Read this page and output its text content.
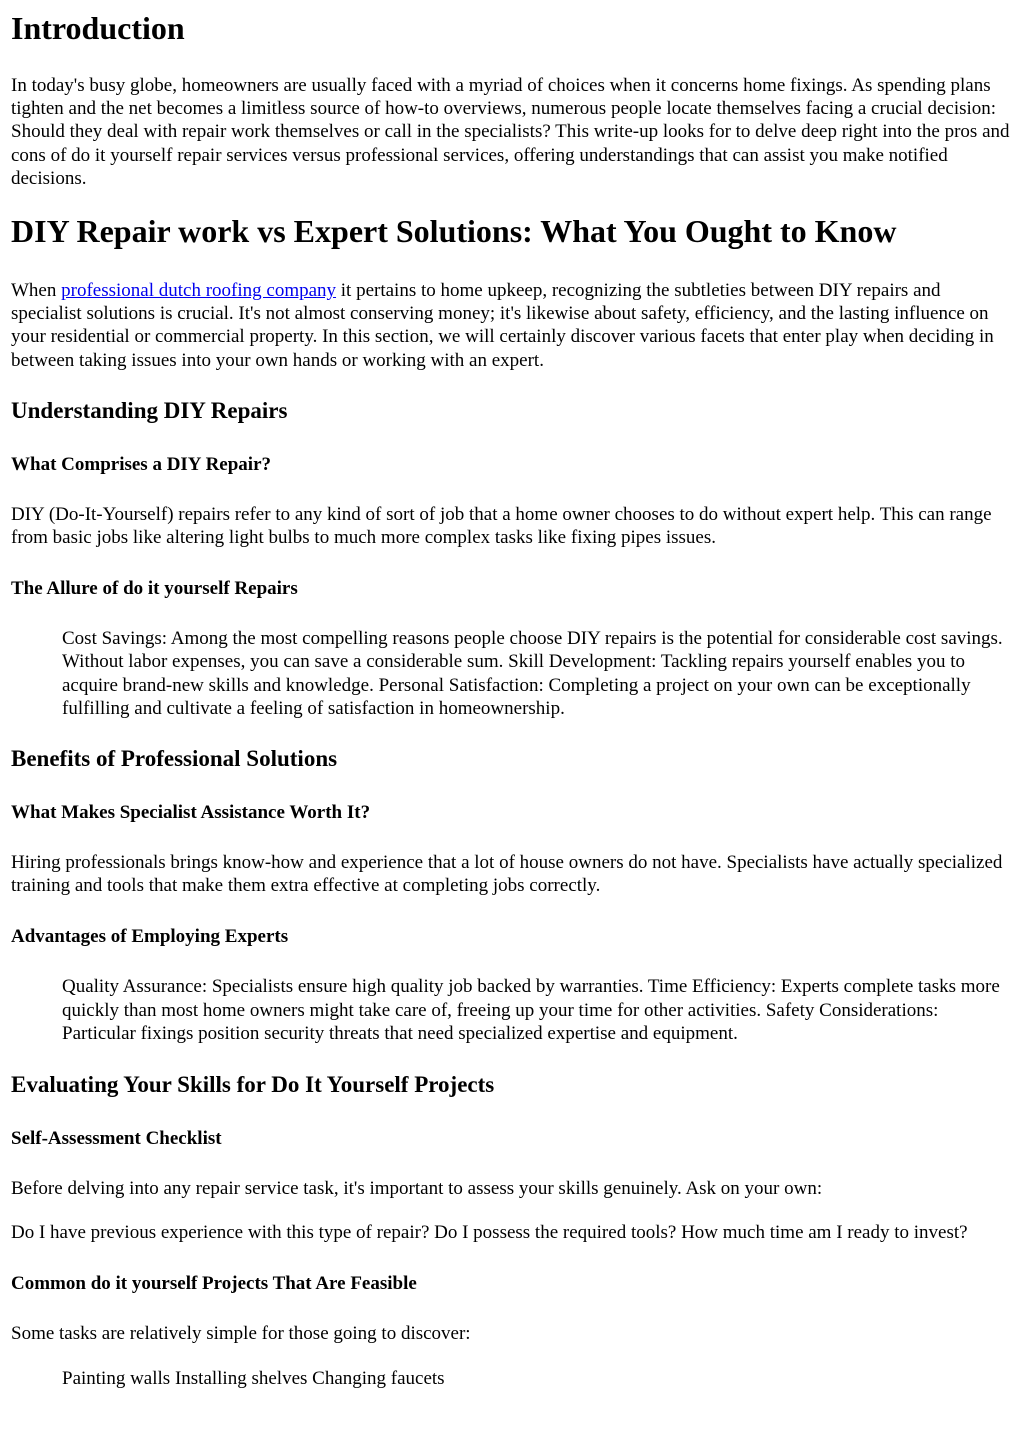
Introduction

In today's busy globe, homeowners are usually faced with a myriad of choices when it concerns home fixings. As spending plans tighten and the net becomes a limitless source of how-to overviews, numerous people locate themselves facing a crucial decision: Should they deal with repair work themselves or call in the specialists? This write-up looks for to delve deep right into the pros and cons of do it yourself repair services versus professional services, offering understandings that can assist you make notified decisions.

DIY Repair work vs Expert Solutions: What You Ought to Know

When professional dutch roofing company it pertains to home upkeep, recognizing the subtleties between DIY repairs and specialist solutions is crucial. It's not almost conserving money; it's likewise about safety, efficiency, and the lasting influence on your residential or commercial property. In this section, we will certainly discover various facets that enter play when deciding in between taking issues into your own hands or working with an expert.

Understanding DIY Repairs
What Comprises a DIY Repair?

DIY (Do-It-Yourself) repairs refer to any kind of sort of job that a home owner chooses to do without expert help. This can range from basic jobs like altering light bulbs to much more complex tasks like fixing pipes issues.

The Allure of do it yourself Repairs
Cost Savings: Among the most compelling reasons people choose DIY repairs is the potential for considerable cost savings. Without labor expenses, you can save a considerable sum. Skill Development: Tackling repairs yourself enables you to acquire brand-new skills and knowledge. Personal Satisfaction: Completing a project on your own can be exceptionally fulfilling and cultivate a feeling of satisfaction in homeownership.
Benefits of Professional Solutions
What Makes Specialist Assistance Worth It?

Hiring professionals brings know-how and experience that a lot of house owners do not have. Specialists have actually specialized training and tools that make them extra effective at completing jobs correctly.

Advantages of Employing Experts
Quality Assurance: Specialists ensure high quality job backed by warranties. Time Efficiency: Experts complete tasks more quickly than most home owners might take care of, freeing up your time for other activities. Safety Considerations: Particular fixings position security threats that need specialized expertise and equipment.
Evaluating Your Skills for Do It Yourself Projects
Self-Assessment Checklist

Before delving into any repair service task, it's important to assess your skills genuinely. Ask on your own:

Do I have previous experience with this type of repair? Do I possess the required tools? How much time am I ready to invest?

Common do it yourself Projects That Are Feasible

Some tasks are relatively simple for those going to discover:

Painting walls Installing shelves Changing faucets
